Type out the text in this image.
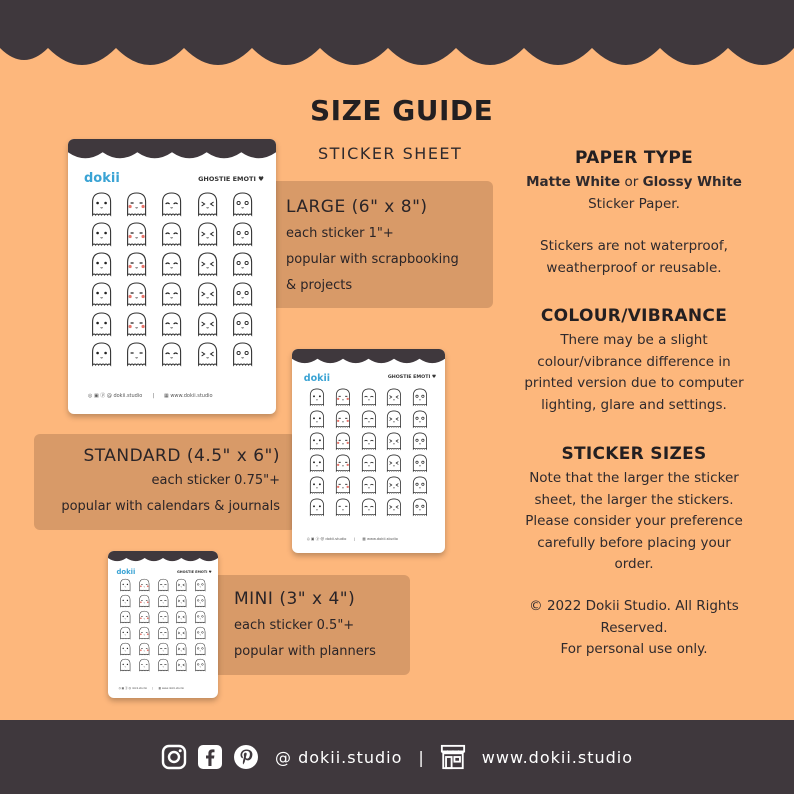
SIZE GUIDE
STICKER SHEET
LARGE (6" x 8")
each sticker 1"+
popular with scrapbooking
& projects
STANDARD (4.5" x 6")
each sticker 0.75"+
popular with calendars & journals
MINI (3" x 4")
each sticker 0.5"+
popular with planners
dokii	GHOSTIE EMOTI ♥
◎ ▣ ⓟ @ dokii.studio | ▦ www.dokii.studio
dokii	GHOSTIE EMOTI ♥
◎ ▣ ⓟ @ dokii.studio | ▦ www.dokii.studio
dokii	GHOSTIE EMOTI ♥
◎ ▣ ⓟ @ dokii.studio | ▦ www.dokii.studio
PAPER TYPE

Matte White or Glossy White

Sticker Paper.

Stickers are not waterproof,

weatherproof or reusable.

COLOUR/VIBRANCE

There may be a slight

colour/vibrance difference in

printed version due to computer

lighting, glare and settings.

STICKER SIZES

Note that the larger the sticker

sheet, the larger the stickers.

Please consider your preference

carefully before placing your

order.

© 2022 Dokii Studio. All Rights

Reserved.

For personal use only.

@ dokii.studio |	www.dokii.studio
